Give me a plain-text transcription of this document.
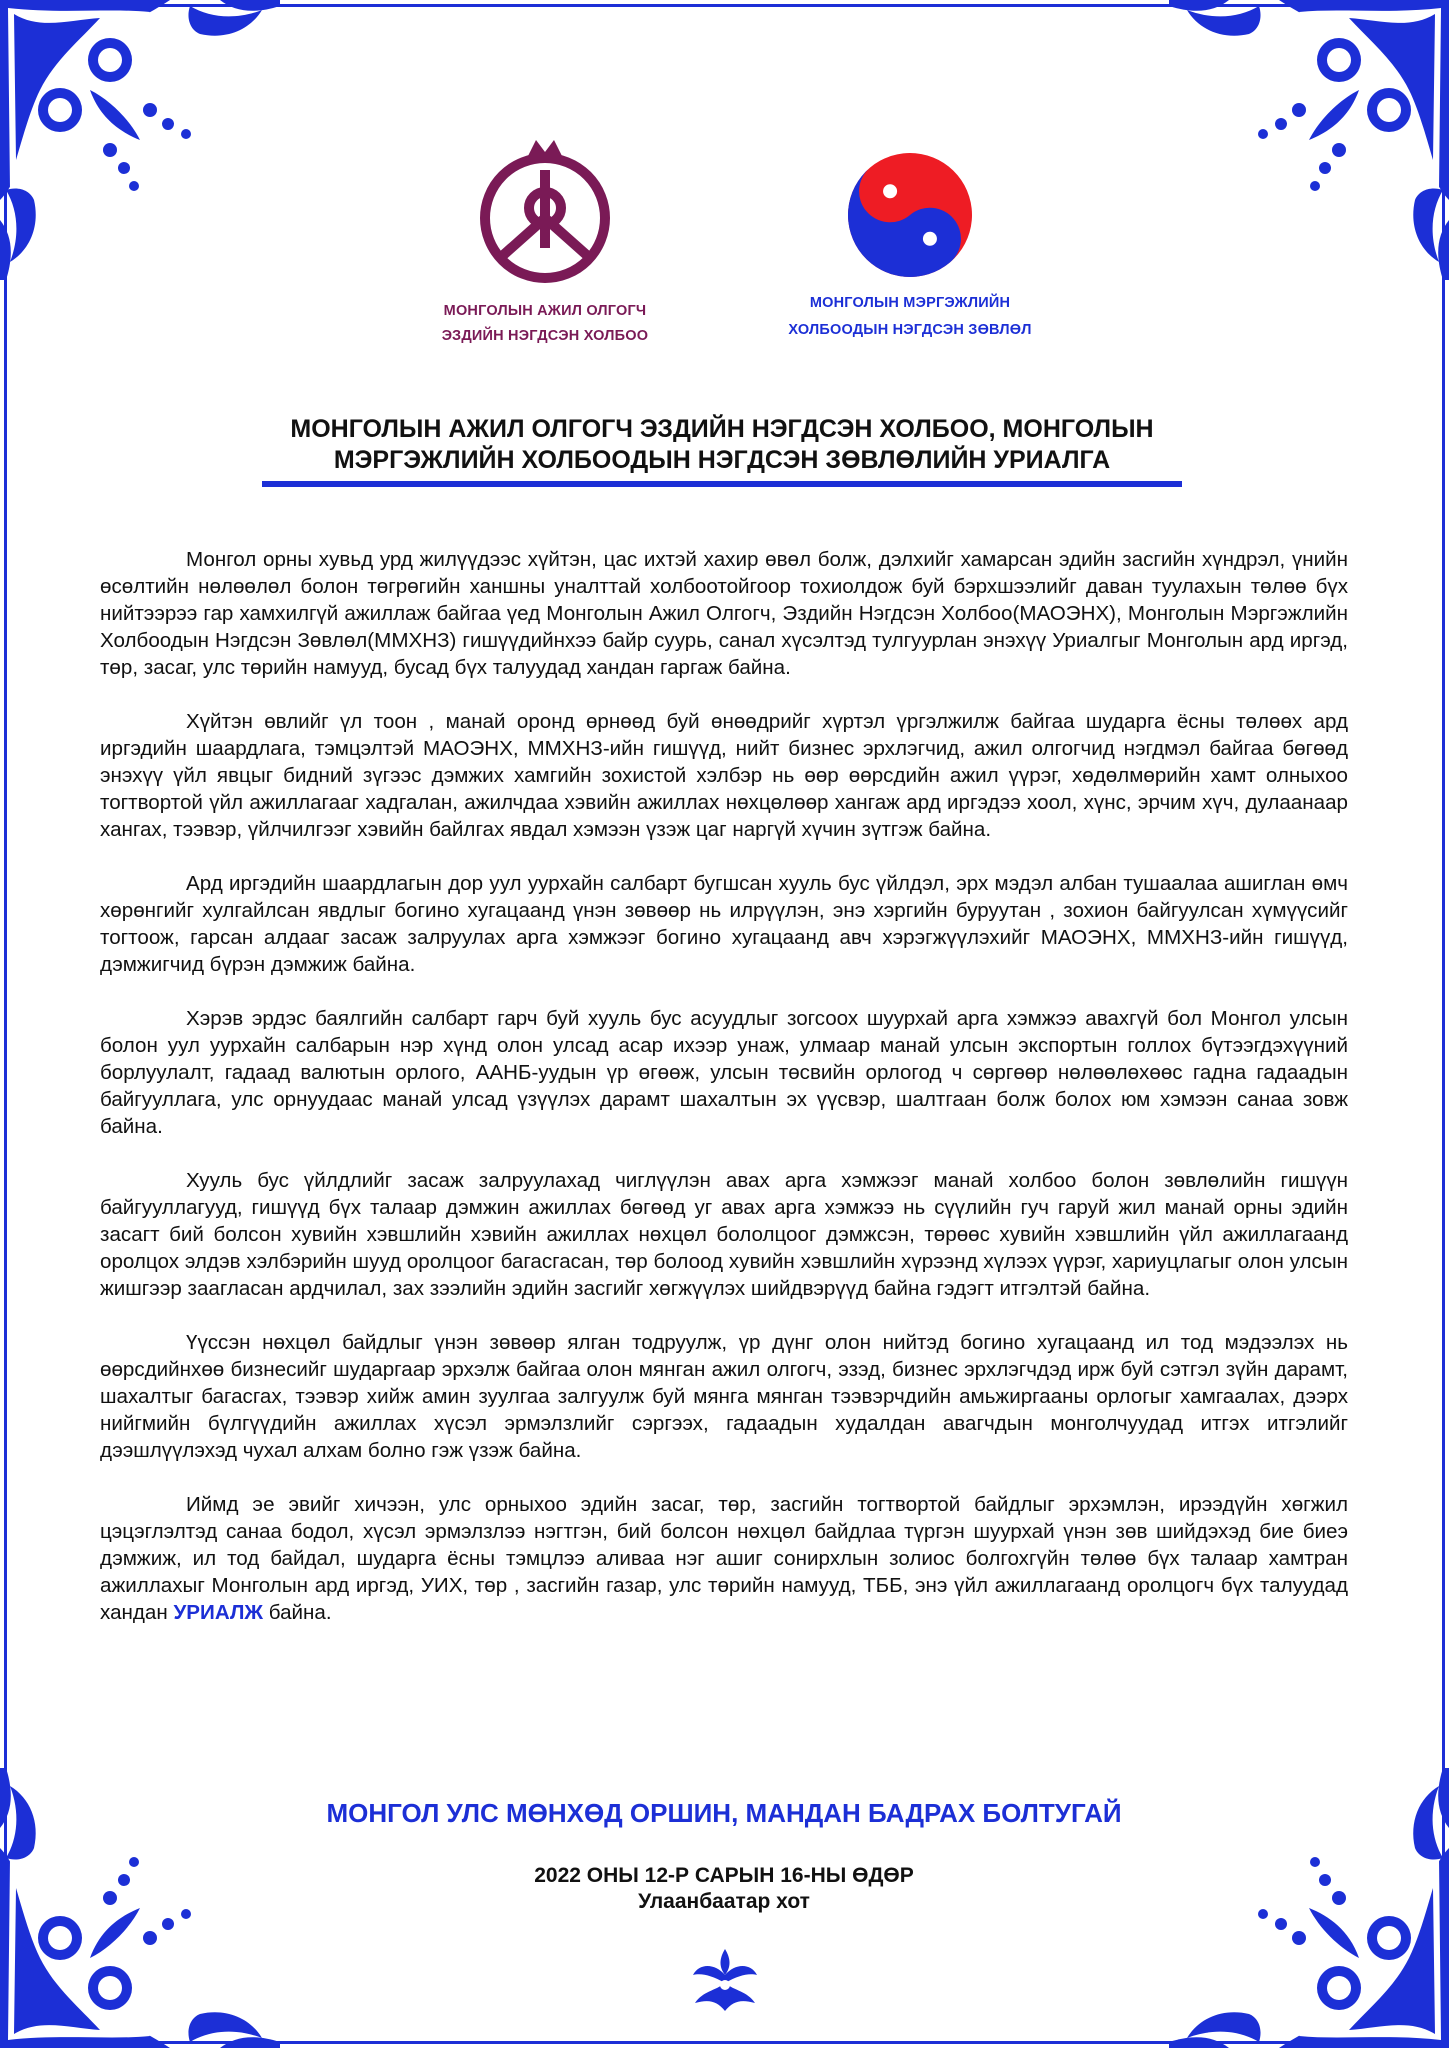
МОНГОЛЫН АЖИЛ ОЛГОГЧ
ЭЗДИЙН НЭГДСЭН ХОЛБОО
МОНГОЛЫН МЭРГЭЖЛИЙН
ХОЛБООДЫН НЭГДСЭН ЗӨВЛӨЛ
МОНГОЛЫН АЖИЛ ОЛГОГЧ ЭЗДИЙН НЭГДСЭН ХОЛБОО, МОНГОЛЫН
МЭРГЭЖЛИЙН ХОЛБООДЫН НЭГДСЭН ЗӨВЛӨЛИЙН УРИАЛГА

Монгол орны хувьд урд жилүүдээс хүйтэн, цас ихтэй хахир өвөл болж, дэлхийг хамарсан эдийн засгийн хүндрэл, үнийн өсөлтийн нөлөөлөл болон төгрөгийн ханшны уналттай холбоотойгоор тохиолдож буй бэрхшээлийг даван туулахын төлөө бүх нийтээрээ гар хамхилгүй ажиллаж байгаа үед Монголын Ажил Олгогч, Эздийн Нэгдсэн Холбоо(МАОЭНХ), Монголын Мэргэжлийн Холбоодын Нэгдсэн Зөвлөл(ММХНЗ) гишүүдийнхээ байр суурь, санал хүсэлтэд тулгуурлан энэхүү Уриалгыг Монголын ард иргэд, төр, засаг, улс төрийн намууд, бусад бүх талуудад хандан гаргаж байна.

Хүйтэн өвлийг үл тоон , манай оронд өрнөөд буй өнөөдрийг хүртэл үргэлжилж байгаа шударга ёсны төлөөх ард иргэдийн шаардлага, тэмцэлтэй МАОЭНХ, ММХНЗ-ийн гишүүд, нийт бизнес эрхлэгчид, ажил олгогчид нэгдмэл байгаа бөгөөд энэхүү үйл явцыг бидний зүгээс дэмжих хамгийн зохистой хэлбэр нь өөр өөрсдийн ажил үүрэг, хөдөлмөрийн хамт олныхоо тогтвортой үйл ажиллагааг хадгалан, ажилчдаа хэвийн ажиллах нөхцөлөөр хангаж ард иргэдээ хоол, хүнс, эрчим хүч, дулаанаар хангах, тээвэр, үйлчилгээг хэвийн байлгах явдал хэмээн үзэж цаг наргүй хүчин зүтгэж байна.

Ард иргэдийн шаардлагын дор уул уурхайн салбарт бугшсан хууль бус үйлдэл, эрх мэдэл албан тушаалаа ашиглан өмч хөрөнгийг хулгайлсан явдлыг богино хугацаанд үнэн зөвөөр нь илрүүлэн, энэ хэргийн буруутан , зохион байгуулсан хүмүүсийг тогтоож, гарсан алдааг засаж залруулах арга хэмжээг богино хугацаанд авч хэрэгжүүлэхийг МАОЭНХ, ММХНЗ-ийн гишүүд, дэмжигчид бүрэн дэмжиж байна.

Хэрэв эрдэс баялгийн салбарт гарч буй хууль бус асуудлыг зогсоох шуурхай арга хэмжээ авахгүй бол Монгол улсын болон уул уурхайн салбарын нэр хүнд олон улсад асар ихээр унаж, улмаар манай улсын экспортын голлох бүтээгдэхүүний борлуулалт, гадаад валютын орлого, ААНБ-уудын үр өгөөж, улсын төсвийн орлогод ч сөргөөр нөлөөлөхөөс гадна гадаадын байгууллага, улс орнуудаас манай улсад үзүүлэх дарамт шахалтын эх үүсвэр, шалтгаан болж болох юм хэмээн санаа зовж байна.

Хууль бус үйлдлийг засаж залруулахад чиглүүлэн авах арга хэмжээг манай холбоо болон зөвлөлийн гишүүн байгууллагууд, гишүүд бүх талаар дэмжин ажиллах бөгөөд уг авах арга хэмжээ нь сүүлийн гуч гаруй жил манай орны эдийн засагт бий болсон хувийн хэвшлийн хэвийн ажиллах нөхцөл бололцоог дэмжсэн, төрөөс хувийн хэвшлийн үйл ажиллагаанд оролцох элдэв хэлбэрийн шууд оролцоог багасгасан, төр болоод хувийн хэвшлийн хүрээнд хүлээх үүрэг, хариуцлагыг олон улсын жишгээр заагласан ардчилал, зах зээлийн эдийн засгийг хөгжүүлэх шийдвэрүүд байна гэдэгт итгэлтэй байна.

Үүссэн нөхцөл байдлыг үнэн зөвөөр ялган тодруулж, үр дүнг олон нийтэд богино хугацаанд ил тод мэдээлэх нь өөрсдийнхөө бизнесийг шударгаар эрхэлж байгаа олон мянган ажил олгогч, эзэд, бизнес эрхлэгчдэд ирж буй сэтгэл зүйн дарамт, шахалтыг багасгах, тээвэр хийж амин зуулгаа залгуулж буй мянга мянган тээвэрчдийн амьжиргааны орлогыг хамгаалах, дээрх нийгмийн бүлгүүдийн ажиллах хүсэл эрмэлзлийг сэргээх, гадаадын худалдан авагчдын монголчуудад итгэх итгэлийг дээшлүүлэхэд чухал алхам болно гэж үзэж байна.

Иймд эе эвийг хичээн, улс орныхоо эдийн засаг, төр, засгийн тогтвортой байдлыг эрхэмлэн, ирээдүйн хөгжил цэцэглэлтэд санаа бодол, хүсэл эрмэлзлээ нэгтгэн, бий болсон нөхцөл байдлаа түргэн шуурхай үнэн зөв шийдэхэд бие биеэ дэмжиж, ил тод байдал, шударга ёсны тэмцлээ аливаа нэг ашиг сонирхлын золиос болгохгүйн төлөө бүх талаар хамтран ажиллахыг Монголын ард иргэд, УИХ, төр , засгийн газар, улс төрийн намууд, ТББ, энэ үйл ажиллагаанд оролцогч бүх талуудад хандан УРИАЛЖ байна.

МОНГОЛ УЛС МӨНХӨД ОРШИН, МАНДАН БАДРАХ БОЛТУГАЙ
2022 ОНЫ 12-Р САРЫН 16-НЫ ӨДӨР
Улаанбаатар хот
